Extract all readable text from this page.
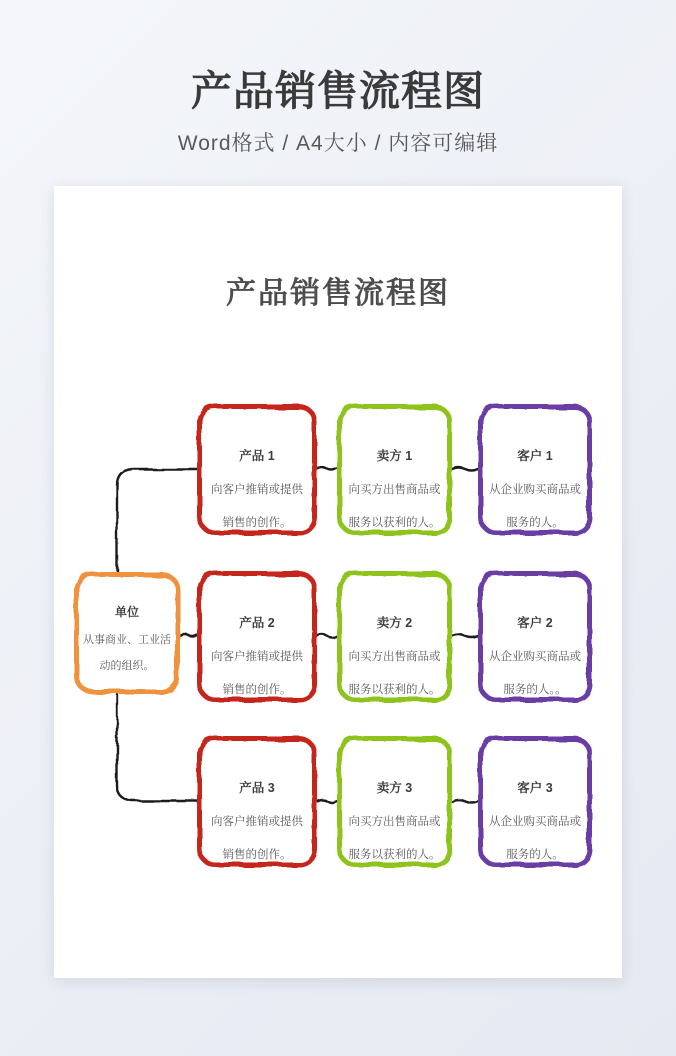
产品销售流程图
Word格式 / A4大小 / 内容可编辑
产品销售流程图
单位
从事商业、工业活
动的组织。
产品 1
向客户推销或提供
销售的创作。
产品 2
向客户推销或提供
销售的创作。
产品 3
向客户推销或提供
销售的创作。
卖方 1
向买方出售商品或
服务以获利的人。
卖方 2
向买方出售商品或
服务以获利的人。
卖方 3
向买方出售商品或
服务以获利的人。
客户 1
从企业购买商品或
服务的人。
客户 2
从企业购买商品或
服务的人。。
客户 3
从企业购买商品或
服务的人。
